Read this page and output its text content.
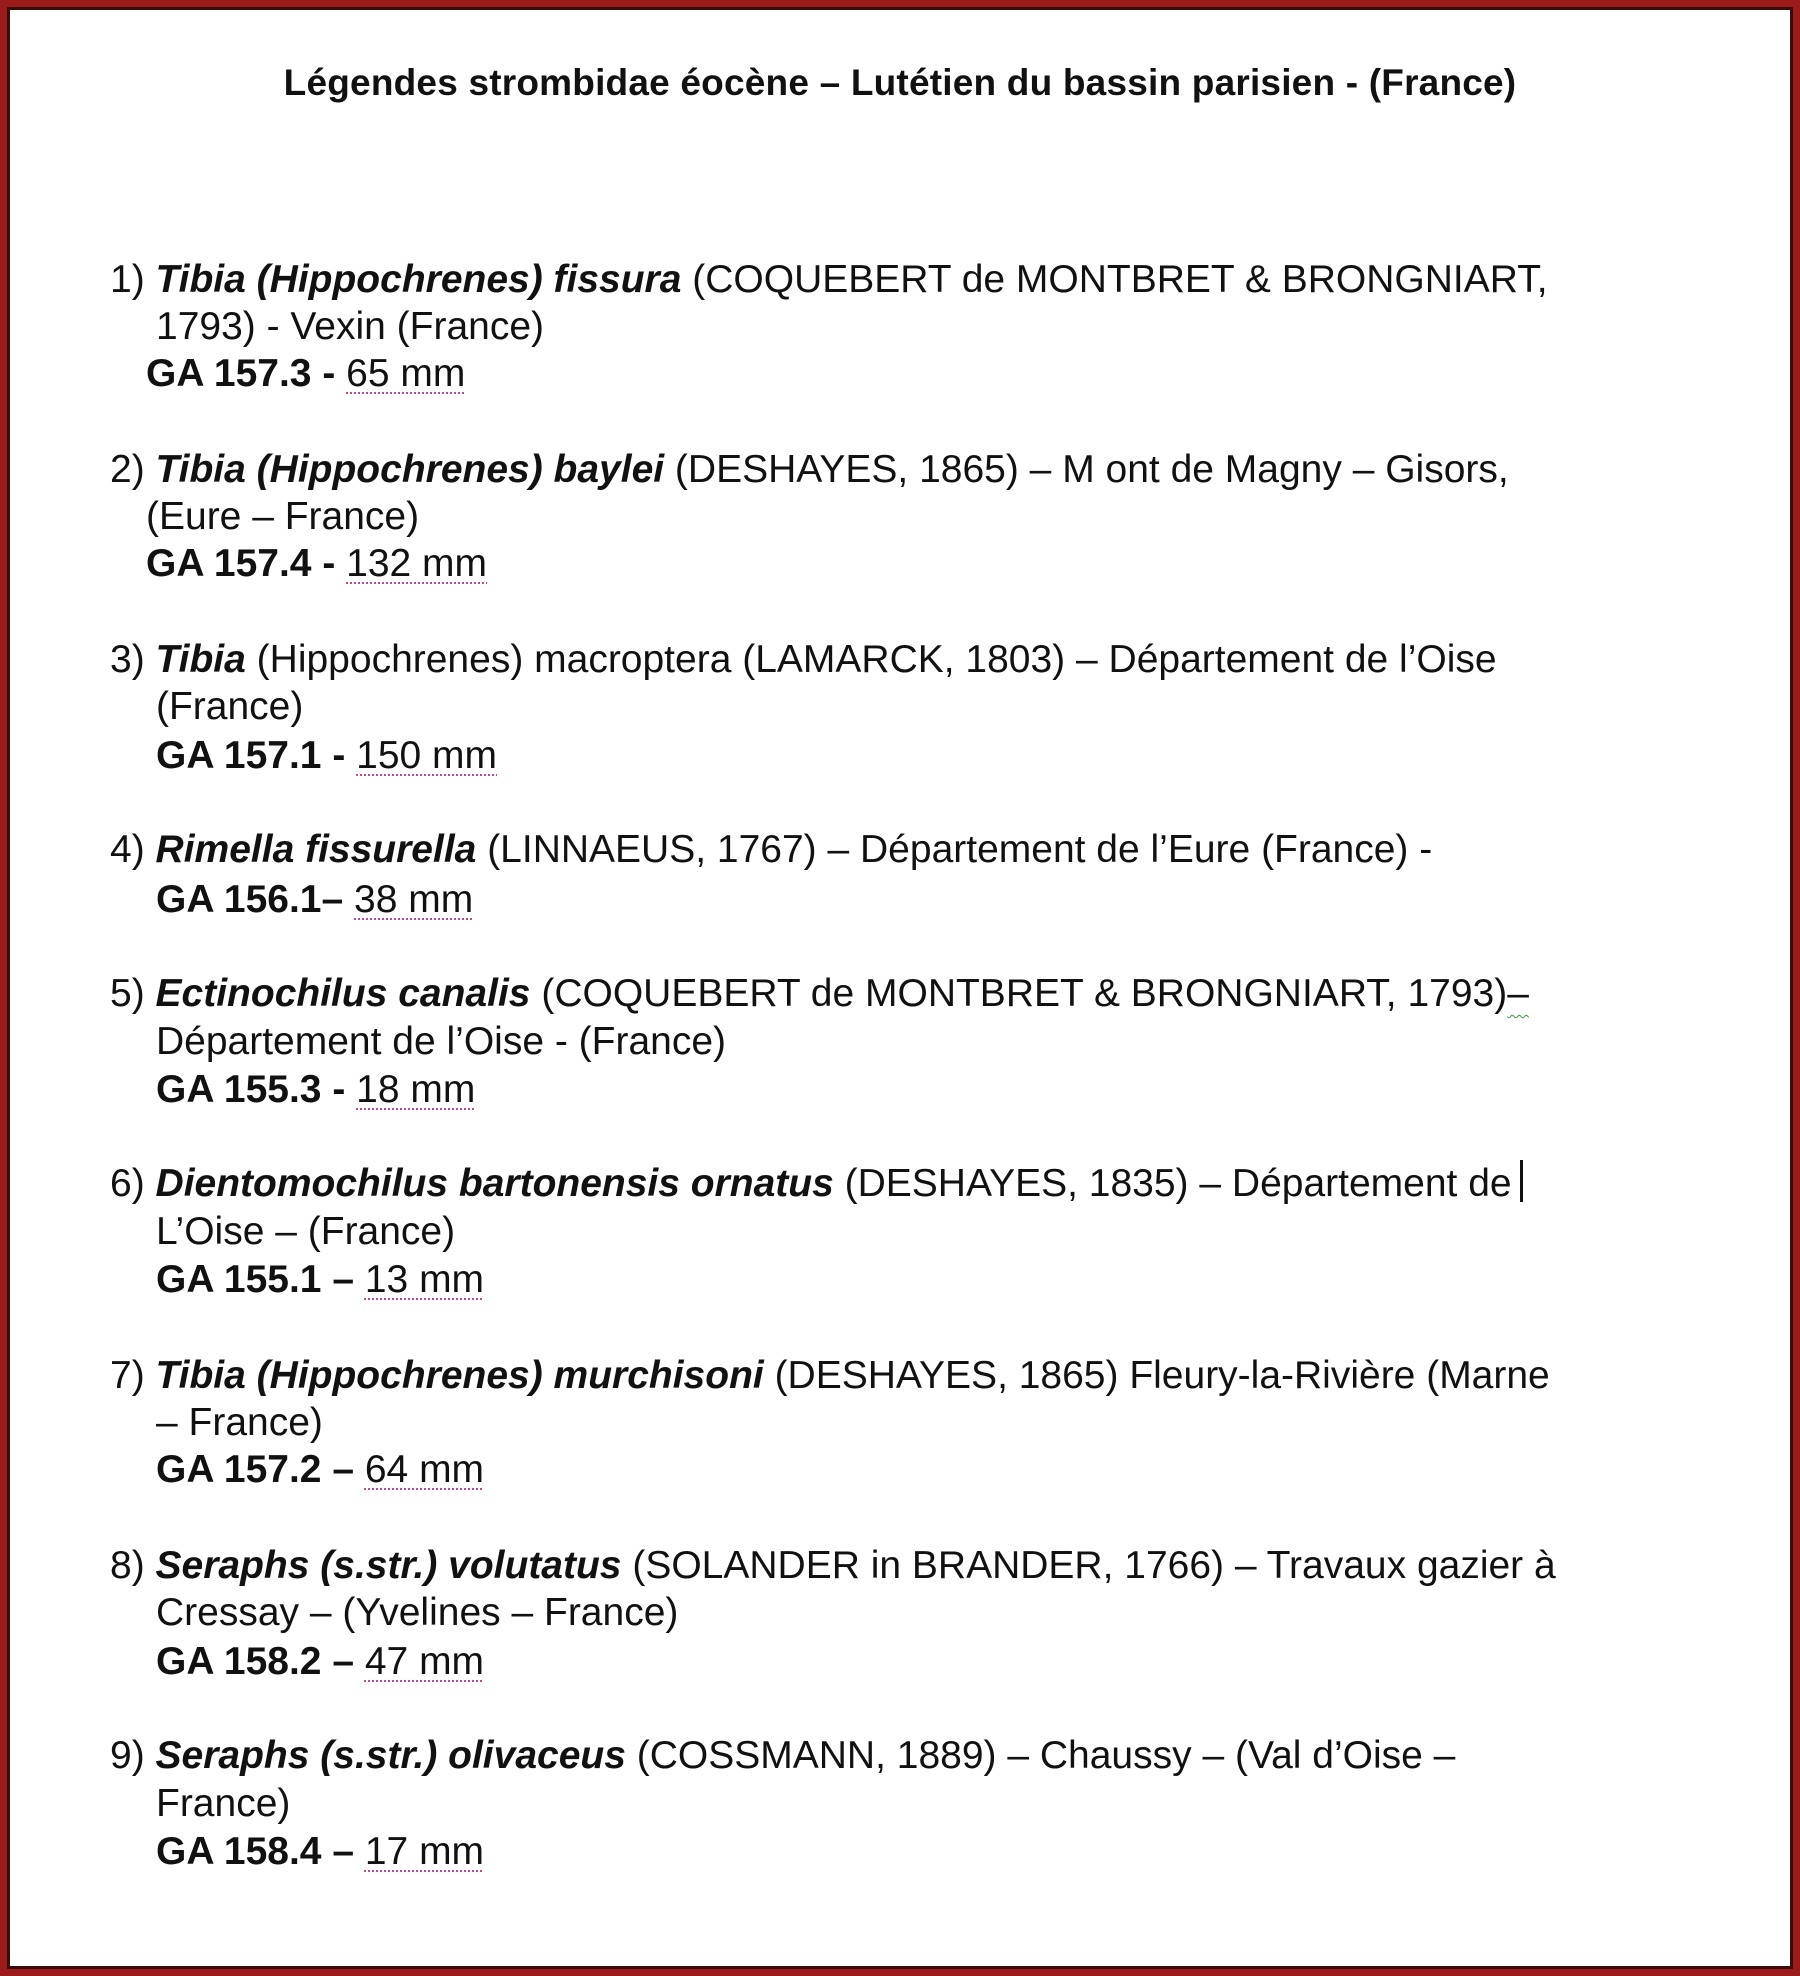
Légendes strombidae éocène – Lutétien du bassin parisien - (France)
1) Tibia (Hippochrenes) fissura (COQUEBERT de MONTBRET & BRONGNIART,
1793) - Vexin (France)
GA 157.3 - 65 mm
2) Tibia (Hippochrenes) baylei (DESHAYES, 1865) – M ont de Magny – Gisors,
(Eure – France)
GA 157.4 - 132 mm
3) Tibia (Hippochrenes) macroptera (LAMARCK, 1803) – Département de l’Oise
(France)
GA 157.1 - 150 mm
4) Rimella fissurella (LINNAEUS, 1767) – Département de l’Eure (France) -
GA 156.1– 38 mm
5) Ectinochilus canalis (COQUEBERT de MONTBRET & BRONGNIART, 1793)–
Département de l’Oise - (France)
GA 155.3 - 18 mm
6) Dientomochilus bartonensis ornatus (DESHAYES, 1835) – Département de
L’Oise – (France)
GA 155.1 – 13 mm
7) Tibia (Hippochrenes) murchisoni (DESHAYES, 1865) Fleury-la-Rivière (Marne
– France)
GA 157.2 – 64 mm
8) Seraphs (s.str.) volutatus (SOLANDER in BRANDER, 1766) – Travaux gazier à
Cressay – (Yvelines – France)
GA 158.2 – 47 mm
9) Seraphs (s.str.) olivaceus (COSSMANN, 1889) – Chaussy – (Val d’Oise –
France)
GA 158.4 – 17 mm
